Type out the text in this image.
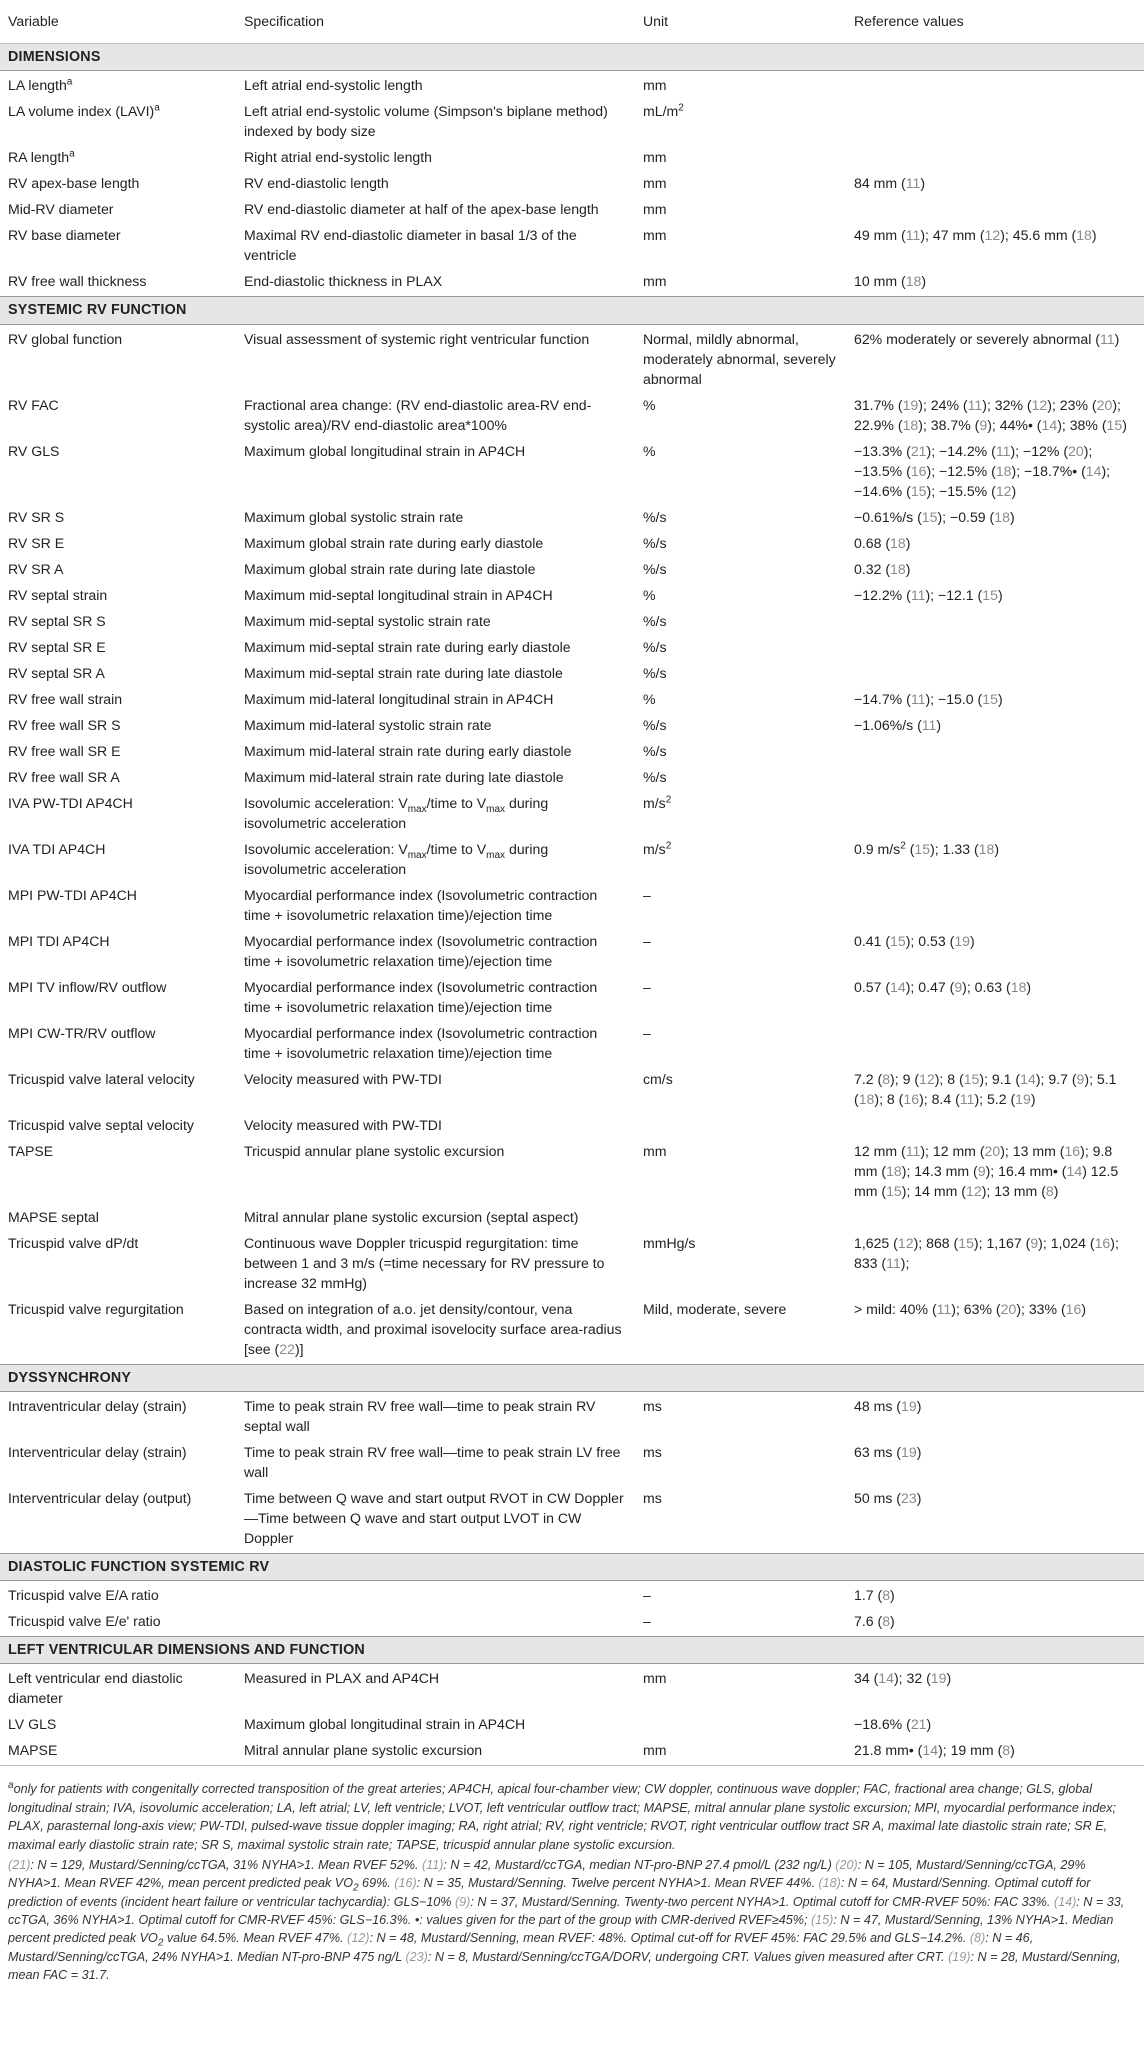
Variable	Specification	Unit	Reference values
DIMENSIONS			
LA length$^a$	Left atrial end-systolic length	mm	
LA volume index (LAVI)$^a$	Left atrial end-systolic volume (Simpson's biplane method) indexed by body size	$mL/m^2$	
RA length$^a$	Right atrial end-systolic length	mm	
RV apex-base length	RV end-diastolic length	mm	84 mm (11)
Mid-RV diameter	RV end-diastolic diameter at half of the apex-base length	mm	
RV base diameter	Maximal RV end-diastolic diameter in basal 1/3 of the ventricle	mm	49 mm (11); 47 mm (12); 45.6 mm (18)
RV free wall thickness	End-diastolic thickness in PLAX	mm	10 mm (18)
SYSTEMIC RV FUNCTION			
RV global function	Visual assessment of systemic right ventricular function	Normal, mildly abnormal, moderately abnormal, severely abnormal	62% moderately or severely abnormal (11)
RV FAC	Fractional area change: (RV end-diastolic area-RV end-systolic area)/RV end-diastolic area*100%	%	31.7% (19); 24% (11); 32% (12); 23% (20); 22.9% (18); 38.7% (9); 44%• (14); 38% (15)
RV GLS	Maximum global longitudinal strain in AP4CH	%	−13.3% (21); −14.2% (11); −12% (20); −13.5% (16); −12.5% (18); −18.7%• (14); −14.6% (15); −15.5% (12)
RV SR S	Maximum global systolic strain rate	%/s	−0.61%/s (15); −0.59 (18)
RV SR E	Maximum global strain rate during early diastole	%/s	0.68 (18)
RV SR A	Maximum global strain rate during late diastole	%/s	0.32 (18)
RV septal strain	Maximum mid-septal longitudinal strain in AP4CH	%	−12.2% (11); −12.1 (15)
RV septal SR S	Maximum mid-septal systolic strain rate	%/s	
RV septal SR E	Maximum mid-septal strain rate during early diastole	%/s	
RV septal SR A	Maximum mid-septal strain rate during late diastole	%/s	
RV free wall strain	Maximum mid-lateral longitudinal strain in AP4CH	%	−14.7% (11); −15.0 (15)
RV free wall SR S	Maximum mid-lateral systolic strain rate	%/s	−1.06%/s (11)
RV free wall SR E	Maximum mid-lateral strain rate during early diastole	%/s	
RV free wall SR A	Maximum mid-lateral strain rate during late diastole	%/s	
IVA PW-TDI AP4CH	Isovolumic acceleration: $V_{max}$/time to $V_{max}$ during isovolumetric acceleration	$m/s^2$	
IVA TDI AP4CH	Isovolumic acceleration: $V_{max}$/time to $V_{max}$ during isovolumetric acceleration	$m/s^2$	0.9 $m/s^2$ (15); 1.33 (18)
MPI PW-TDI AP4CH	Myocardial performance index (Isovolumetric contraction time + isovolumetric relaxation time)/ejection time	–	
MPI TDI AP4CH	Myocardial performance index (Isovolumetric contraction time + isovolumetric relaxation time)/ejection time	–	0.41 (15); 0.53 (19)
MPI TV inflow/RV outflow	Myocardial performance index (Isovolumetric contraction time + isovolumetric relaxation time)/ejection time	–	0.57 (14); 0.47 (9); 0.63 (18)
MPI CW-TR/RV outflow	Myocardial performance index (Isovolumetric contraction time + isovolumetric relaxation time)/ejection time	–	
Tricuspid valve lateral velocity	Velocity measured with PW-TDI	cm/s	7.2 (8); 9 (12); 8 (15); 9.1 (14); 9.7 (9); 5.1 (18); 8 (16); 8.4 (11); 5.2 (19)
Tricuspid valve septal velocity	Velocity measured with PW-TDI		
TAPSE	Tricuspid annular plane systolic excursion	mm	12 mm (11); 12 mm (20); 13 mm (16); 9.8 mm (18); 14.3 mm (9); 16.4 mm• (14) 12.5 mm (15); 14 mm (12); 13 mm (8)
MAPSE septal	Mitral annular plane systolic excursion (septal aspect)		
Tricuspid valve dP/dt	Continuous wave Doppler tricuspid regurgitation: time between 1 and 3 m/s (=time necessary for RV pressure to increase 32 mmHg)	mmHg/s	1,625 (12); 868 (15); 1,167 (9); 1,024 (16); 833 (11);
Tricuspid valve regurgitation	Based on integration of a.o. jet density/contour, vena contracta width, and proximal isovelocity surface area-radius [see (22)]	Mild, moderate, severe	> mild: 40% (11); 63% (20); 33% (16)
DYSSYNCHRONY			
Intraventricular delay (strain)	Time to peak strain RV free wall—time to peak strain RV septal wall	ms	48 ms (19)
Interventricular delay (strain)	Time to peak strain RV free wall—time to peak strain LV free wall	ms	63 ms (19)
Interventricular delay (output)	Time between Q wave and start output RVOT in CW Doppler—Time between Q wave and start output LVOT in CW Doppler	ms	50 ms (23)
DIASTOLIC FUNCTION SYSTEMIC RV			
Tricuspid valve E/A ratio		–	1.7 (8)
Tricuspid valve E/e' ratio		–	7.6 (8)
LEFT VENTRICULAR DIMENSIONS AND FUNCTION			
Left ventricular end diastolic diameter	Measured in PLAX and AP4CH	mm	34 (14); 32 (19)
LV GLS	Maximum global longitudinal strain in AP4CH		−18.6% (21)
MAPSE	Mitral annular plane systolic excursion	mm	21.8 mm• (14); 19 mm (8)

$^a$only for patients with congenitally corrected transposition of the great arteries; AP4CH, apical four-chamber view; CW doppler, continuous wave doppler; FAC, fractional area change; GLS, global longitudinal strain; IVA, isovolumic acceleration; LA, left atrial; LV, left ventricle; LVOT, left ventricular outflow tract; MAPSE, mitral annular plane systolic excursion; MPI, myocardial performance index; PLAX, parasternal long-axis view; PW-TDI, pulsed-wave tissue doppler imaging; RA, right atrial; RV, right ventricle; RVOT, right ventricular outflow tract SR A, maximal late diastolic strain rate; SR E, maximal early diastolic strain rate; SR S, maximal systolic strain rate; TAPSE, tricuspid annular plane systolic excursion.

(21): N = 129, Mustard/Senning/ccTGA, 31% NYHA>1. Mean RVEF 52%. (11): N = 42, Mustard/ccTGA, median NT-pro-BNP 27.4 pmol/L (232 ng/L) (20): N = 105, Mustard/Senning/ccTGA, 29% NYHA>1. Mean RVEF 42%, mean percent predicted peak $VO_2$ 69%. (16): N = 35, Mustard/Senning. Twelve percent NYHA>1. Mean RVEF 44%. (18): N = 64, Mustard/Senning. Optimal cutoff for prediction of events (incident heart failure or ventricular tachycardia): GLS−10% (9): N = 37, Mustard/Senning. Twenty-two percent NYHA>1. Optimal cutoff for CMR-RVEF 50%: FAC 33%. (14): N = 33, ccTGA, 36% NYHA>1. Optimal cutoff for CMR-RVEF 45%: GLS−16.3%. •: values given for the part of the group with CMR-derived RVEF≥45%; (15): N = 47, Mustard/Senning, 13% NYHA>1. Median percent predicted peak $VO_2$ value 64.5%. Mean RVEF 47%. (12): N = 48, Mustard/Senning, mean RVEF: 48%. Optimal cut-off for RVEF 45%: FAC 29.5% and GLS−14.2%. (8): N = 46, Mustard/Senning/ccTGA, 24% NYHA>1. Median NT-pro-BNP 475 ng/L (23): N = 8, Mustard/Senning/ccTGA/DORV, undergoing CRT. Values given measured after CRT. (19): N = 28, Mustard/Senning, mean FAC = 31.7.
